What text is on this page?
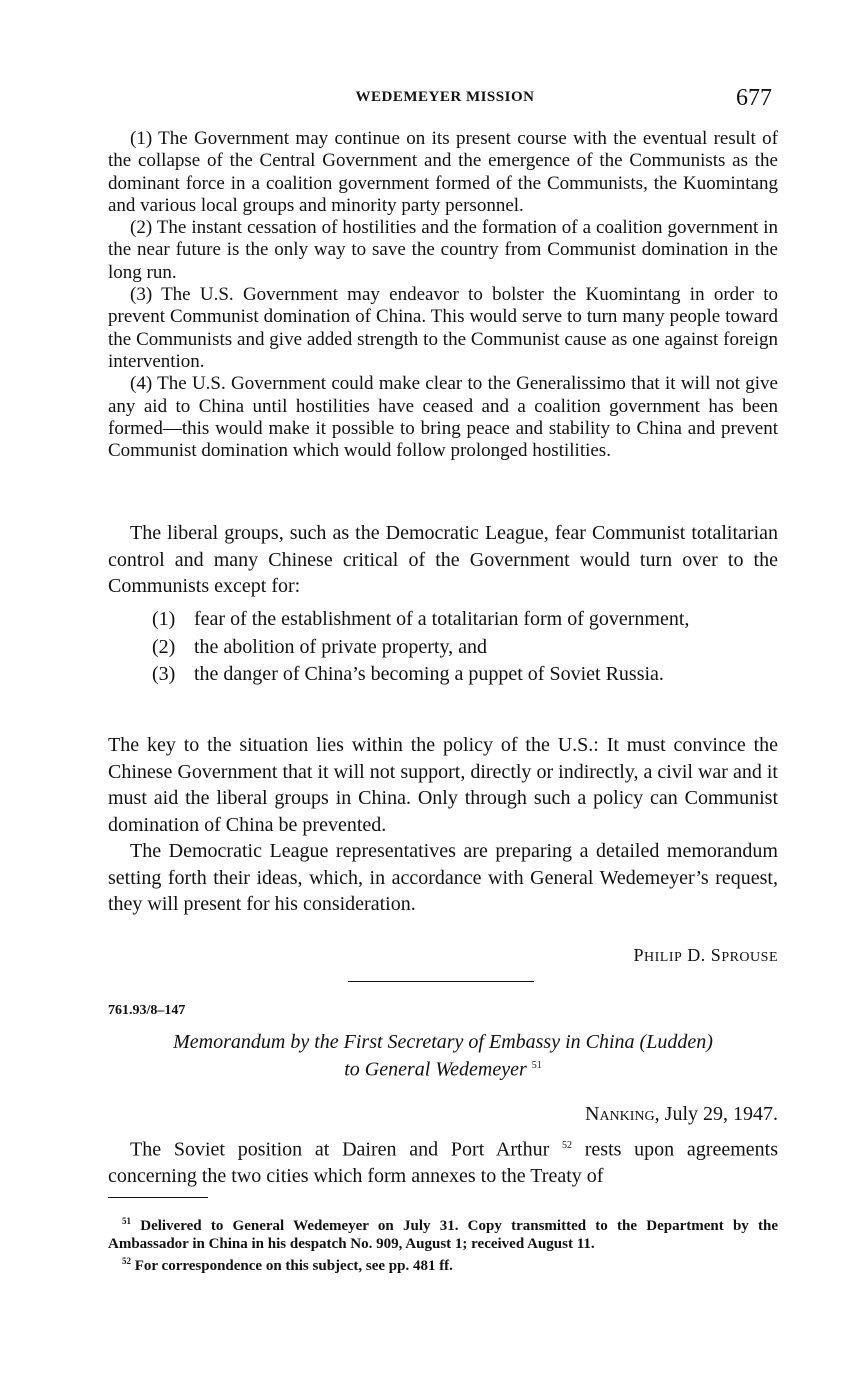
WEDEMEYER MISSION	677

(1) The Government may continue on its present course with the eventual result of the collapse of the Central Government and the emergence of the Communists as the dominant force in a coalition government formed of the Communists, the Kuomintang and various local groups and minority party personnel.

(2) The instant cessation of hostilities and the formation of a coalition government in the near future is the only way to save the country from Communist domination in the long run.

(3) The U.S. Government may endeavor to bolster the Kuomintang in order to prevent Communist domination of China. This would serve to turn many people toward the Communists and give added strength to the Communist cause as one against foreign intervention.

(4) The U.S. Government could make clear to the Generalissimo that it will not give any aid to China until hostilities have ceased and a coalition government has been formed—this would make it possible to bring peace and stability to China and prevent Communist domination which would follow prolonged hostilities.

The liberal groups, such as the Democratic League, fear Communist totalitarian control and many Chinese critical of the Government would turn over to the Communists except for:

(1) fear of the establishment of a totalitarian form of government,
(2) the abolition of private property, and
(3) the danger of China’s becoming a puppet of Soviet Russia.

The key to the situation lies within the policy of the U.S.: It must convince the Chinese Government that it will not support, directly or indirectly, a civil war and it must aid the liberal groups in China. Only through such a policy can Communist domination of China be prevented.

The Democratic League representatives are preparing a detailed memorandum setting forth their ideas, which, in accordance with General Wedemeyer’s request, they will present for his consideration.

PHILIP D. SPROUSE
761.93/8–147
Memorandum by the First Secretary of Embassy in China (Ludden)
to General Wedemeyer $^{51}$
NANKING, July 29, 1947.

The Soviet position at Dairen and Port Arthur $^{52}$ rests upon agreements concerning the two cities which form annexes to the Treaty of

$^{51}$ Delivered to General Wedemeyer on July 31. Copy transmitted to the Department by the Ambassador in China in his despatch No. 909, August 1; received August 11.

$^{52}$ For correspondence on this subject, see pp. 481 ff.
